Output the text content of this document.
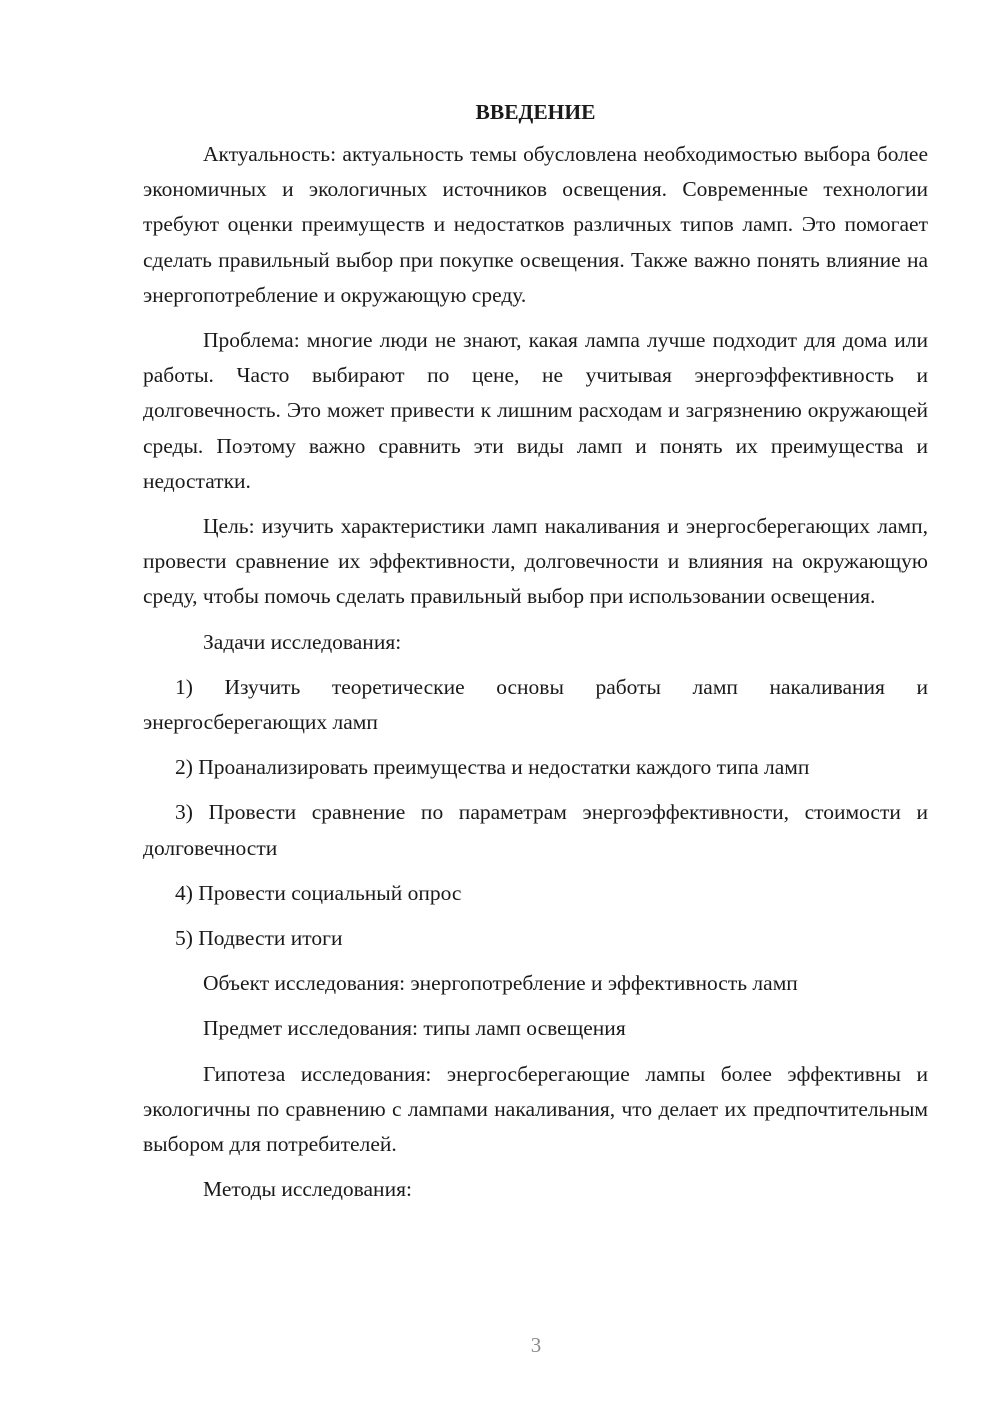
ВВЕДЕНИЕ

Актуальность: актуальность темы обусловлена необходимостью выбора более экономичных и экологичных источников освещения. Современные технологии требуют оценки преимуществ и недостатков различных типов ламп. Это помогает сделать правильный выбор при покупке освещения. Также важно понять влияние на энергопотребление и окружающую среду.

Проблема: многие люди не знают, какая лампа лучше подходит для дома или работы. Часто выбирают по цене, не учитывая энергоэффективность и долговечность. Это может привести к лишним расходам и загрязнению окружающей среды. Поэтому важно сравнить эти виды ламп и понять их преимущества и недостатки.

Цель: изучить характеристики ламп накаливания и энергосберегающих ламп, провести сравнение их эффективности, долговечности и влияния на окружающую среду, чтобы помочь сделать правильный выбор при использовании освещения.

Задачи исследования:

1) Изучить теоретические основы работы ламп накаливания и энергосберегающих ламп

2) Проанализировать преимущества и недостатки каждого типа ламп

3) Провести сравнение по параметрам энергоэффективности, стоимости и долговечности

4) Провести социальный опрос

5) Подвести итоги

Объект исследования: энергопотребление и эффективность ламп

Предмет исследования: типы ламп освещения

Гипотеза исследования: энергосберегающие лампы более эффективны и экологичны по сравнению с лампами накаливания, что делает их предпочтительным выбором для потребителей.

Методы исследования:

3
